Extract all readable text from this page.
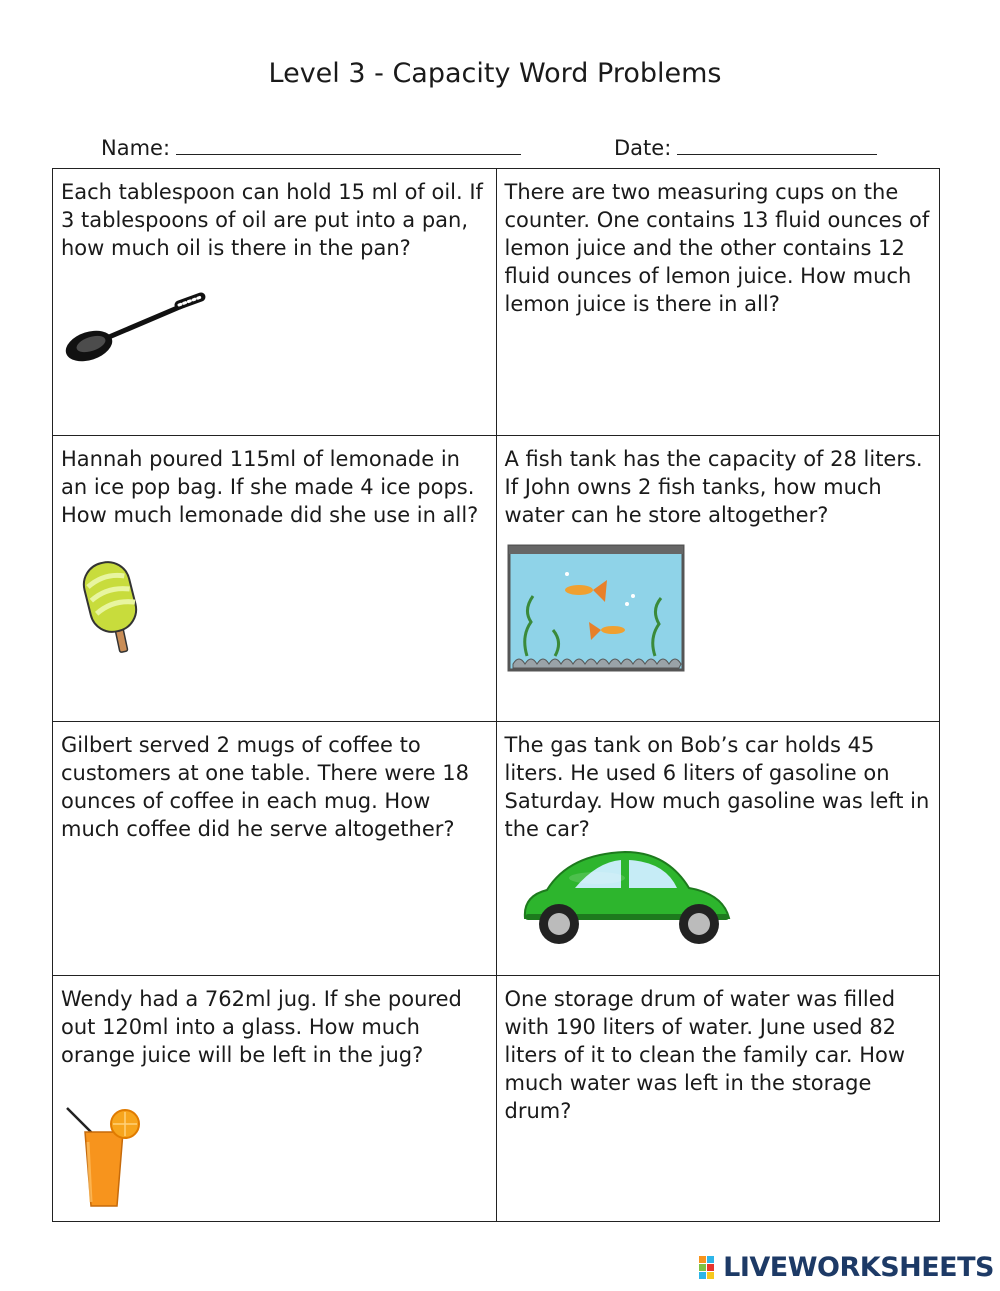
Level 3 - Capacity Word Problems
Name:	Date:
Each tablespoon can hold 15 ml of oil. If 3 tablespoons of oil are put into a pan, how much oil is there in the pan?	There are two measuring cups on the counter. One contains 13 fluid ounces of lemon juice and the other contains 12 fluid ounces of lemon juice. How much lemon juice is there in all?

Hannah poured 115ml of lemonade in an ice pop bag. If she made 4 ice pops. How much lemonade did she use in all?	A fish tank has the capacity of 28 liters. If John owns 2 fish tanks, how much water can he store altogether?

Gilbert served 2 mugs of coffee to customers at one table. There were 18 ounces of coffee in each mug. How much coffee did he serve altogether?	The gas tank on Bob’s car holds 45 liters. He used 6 liters of gasoline on Saturday. How much gasoline was left in the car?

Wendy had a 762ml jug. If she poured out 120ml into a glass. How much orange juice will be left in the jug?	One storage drum of water was filled with 190 liters of water. June used 82 liters of it to clean the family car. How much water was left in the storage drum?
LIVEWORKSHEETS
